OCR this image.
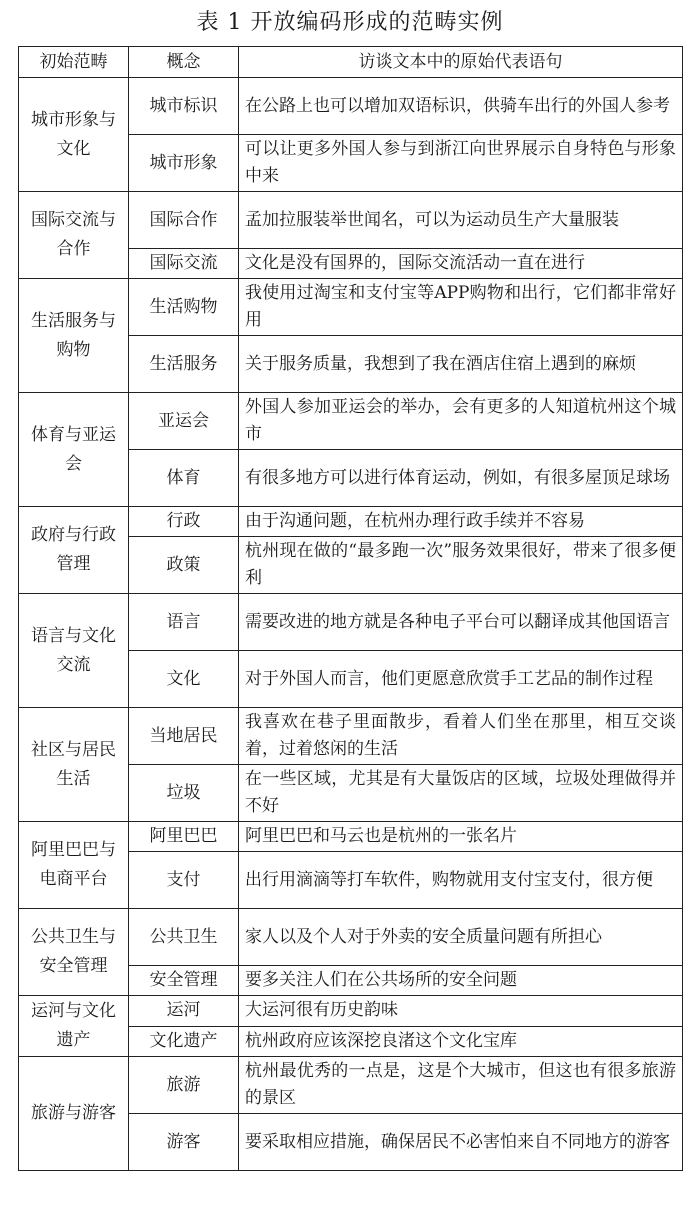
表 1 开放编码形成的范畴实例
初始范畴	概念	访谈文本中的原始代表语句
城市形象与文化	城市标识	在公路上也可以增加双语标识，供骑车出行的外国人参考
	城市形象	可以让更多外国人参与到浙江向世界展示自身特色与形象中来
国际交流与合作	国际合作	孟加拉服装举世闻名，可以为运动员生产大量服装
	国际交流	文化是没有国界的，国际交流活动一直在进行
生活服务与购物	生活购物	我使用过淘宝和支付宝等APP购物和出行，它们都非常好用
	生活服务	关于服务质量，我想到了我在酒店住宿上遇到的麻烦
体育与亚运会	亚运会	外国人参加亚运会的举办，会有更多的人知道杭州这个城市
	体育	有很多地方可以进行体育运动，例如，有很多屋顶足球场
政府与行政管理	行政	由于沟通问题，在杭州办理行政手续并不容易
	政策	杭州现在做的“最多跑一次”服务效果很好，带来了很多便利
语言与文化交流	语言	需要改进的地方就是各种电子平台可以翻译成其他国语言
	文化	对于外国人而言，他们更愿意欣赏手工艺品的制作过程
社区与居民生活	当地居民	我喜欢在巷子里面散步，看着人们坐在那里，相互交谈着，过着悠闲的生活
	垃圾	在一些区域，尤其是有大量饭店的区域，垃圾处理做得并不好
阿里巴巴与电商平台	阿里巴巴	阿里巴巴和马云也是杭州的一张名片
	支付	出行用滴滴等打车软件，购物就用支付宝支付，很方便
公共卫生与安全管理	公共卫生	家人以及个人对于外卖的安全质量问题有所担心
	安全管理	要多关注人们在公共场所的安全问题
运河与文化遗产	运河	大运河很有历史韵味
	文化遗产	杭州政府应该深挖良渚这个文化宝库
旅游与游客	旅游	杭州最优秀的一点是，这是个大城市，但这也有很多旅游的景区
	游客	要采取相应措施，确保居民不必害怕来自不同地方的游客
